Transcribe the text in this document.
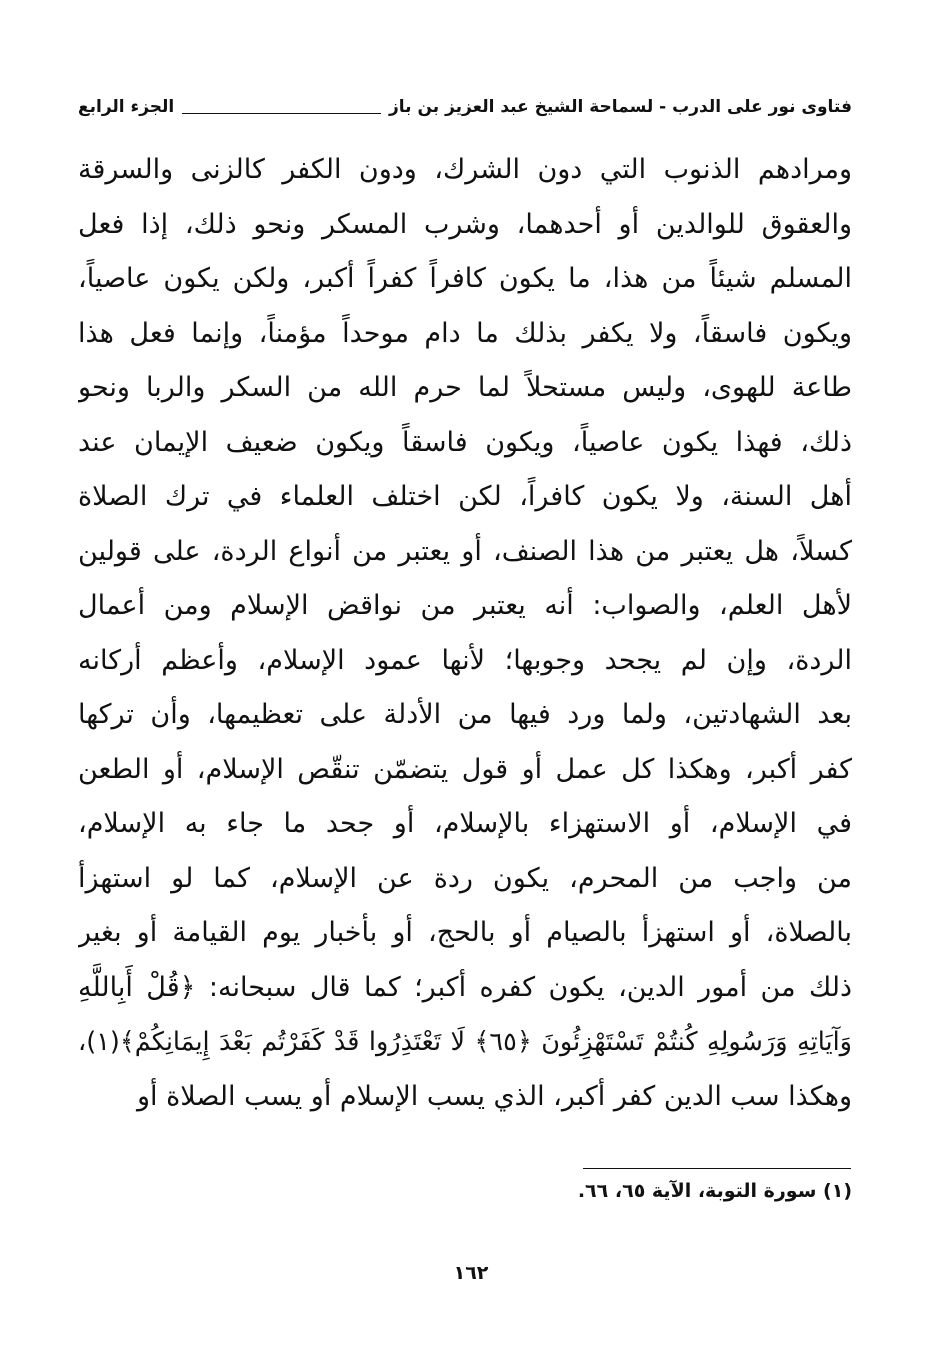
فتاوى نور على الدرب - لسماحة الشيخ عبد العزيز بن باز
الجزء الرابع
ومرادهم الذنوب التي دون الشرك، ودون الكفر كالزنى والسرقة
والعقوق للوالدين أو أحدهما، وشرب المسكر ونحو ذلك، إذا فعل
المسلم شيئاً من هذا، ما يكون كافراً كفراً أكبر، ولكن يكون عاصياً،
ويكون فاسقاً، ولا يكفر بذلك ما دام موحداً مؤمناً، وإنما فعل هذا
طاعة للهوى، وليس مستحلاً لما حرم الله من السكر والربا ونحو
ذلك، فهذا يكون عاصياً، ويكون فاسقاً ويكون ضعيف الإيمان عند
أهل السنة، ولا يكون كافراً، لكن اختلف العلماء في ترك الصلاة
كسلاً، هل يعتبر من هذا الصنف، أو يعتبر من أنواع الردة، على قولين
لأهل العلم، والصواب: أنه يعتبر من نواقض الإسلام ومن أعمال
الردة، وإن لم يجحد وجوبها؛ لأنها عمود الإسلام، وأعظم أركانه
بعد الشهادتين، ولما ورد فيها من الأدلة على تعظيمها، وأن تركها
كفر أكبر، وهكذا كل عمل أو قول يتضمّن تنقّص الإسلام، أو الطعن
في الإسلام، أو الاستهزاء بالإسلام، أو جحد ما جاء به الإسلام،
من واجب من المحرم، يكون ردة عن الإسلام، كما لو استهزأ
بالصلاة، أو استهزأ بالصيام أو بالحج، أو بأخبار يوم القيامة أو بغير
ذلك من أمور الدين، يكون كفره أكبر؛ كما قال سبحانه: ﴿قُلْ أَبِاللَّهِ
وَآيَاتِهِ وَرَسُولِهِ كُنتُمْ تَسْتَهْزِئُونَ ﴿٦٥﴾ لَا تَعْتَذِرُوا قَدْ كَفَرْتُم بَعْدَ إِيمَانِكُمْ﴾(١)،
وهكذا سب الدين كفر أكبر، الذي يسب الإسلام أو يسب الصلاة أو
(١) سورة التوبة، الآية ٦٥، ٦٦.
١٦٢
